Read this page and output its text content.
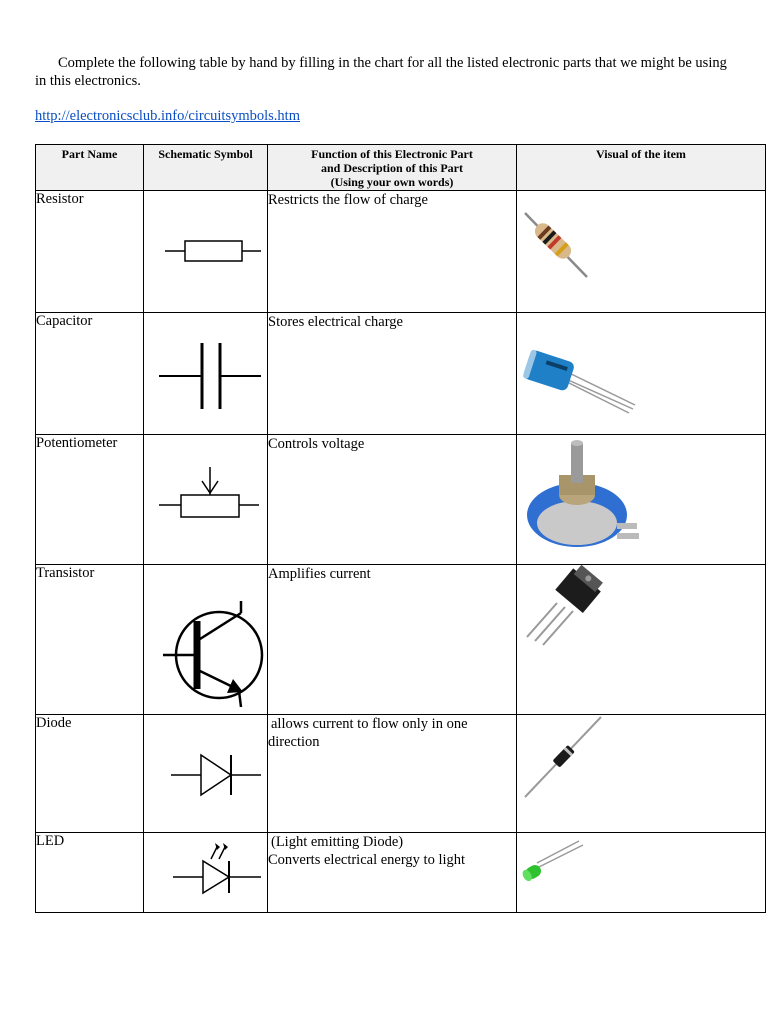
Complete the following table by hand by filling in the chart for all the listed electronic parts that we might be using in this electronics.

http://electronicsclub.info/circuitsymbols.htm
Part Name	Schematic Symbol	Function of this Electronic Part
and Description of this Part
(Using your own words)	Visual of the item
Resistor		Restricts the flow of charge	

Capacitor		Stores electrical charge	

Potentiometer		Controls voltage	

Transistor		Amplifies current	

Diode		allows current to flow only in one
direction

LED		(Light emitting Diode)
Converts electrical energy to light
